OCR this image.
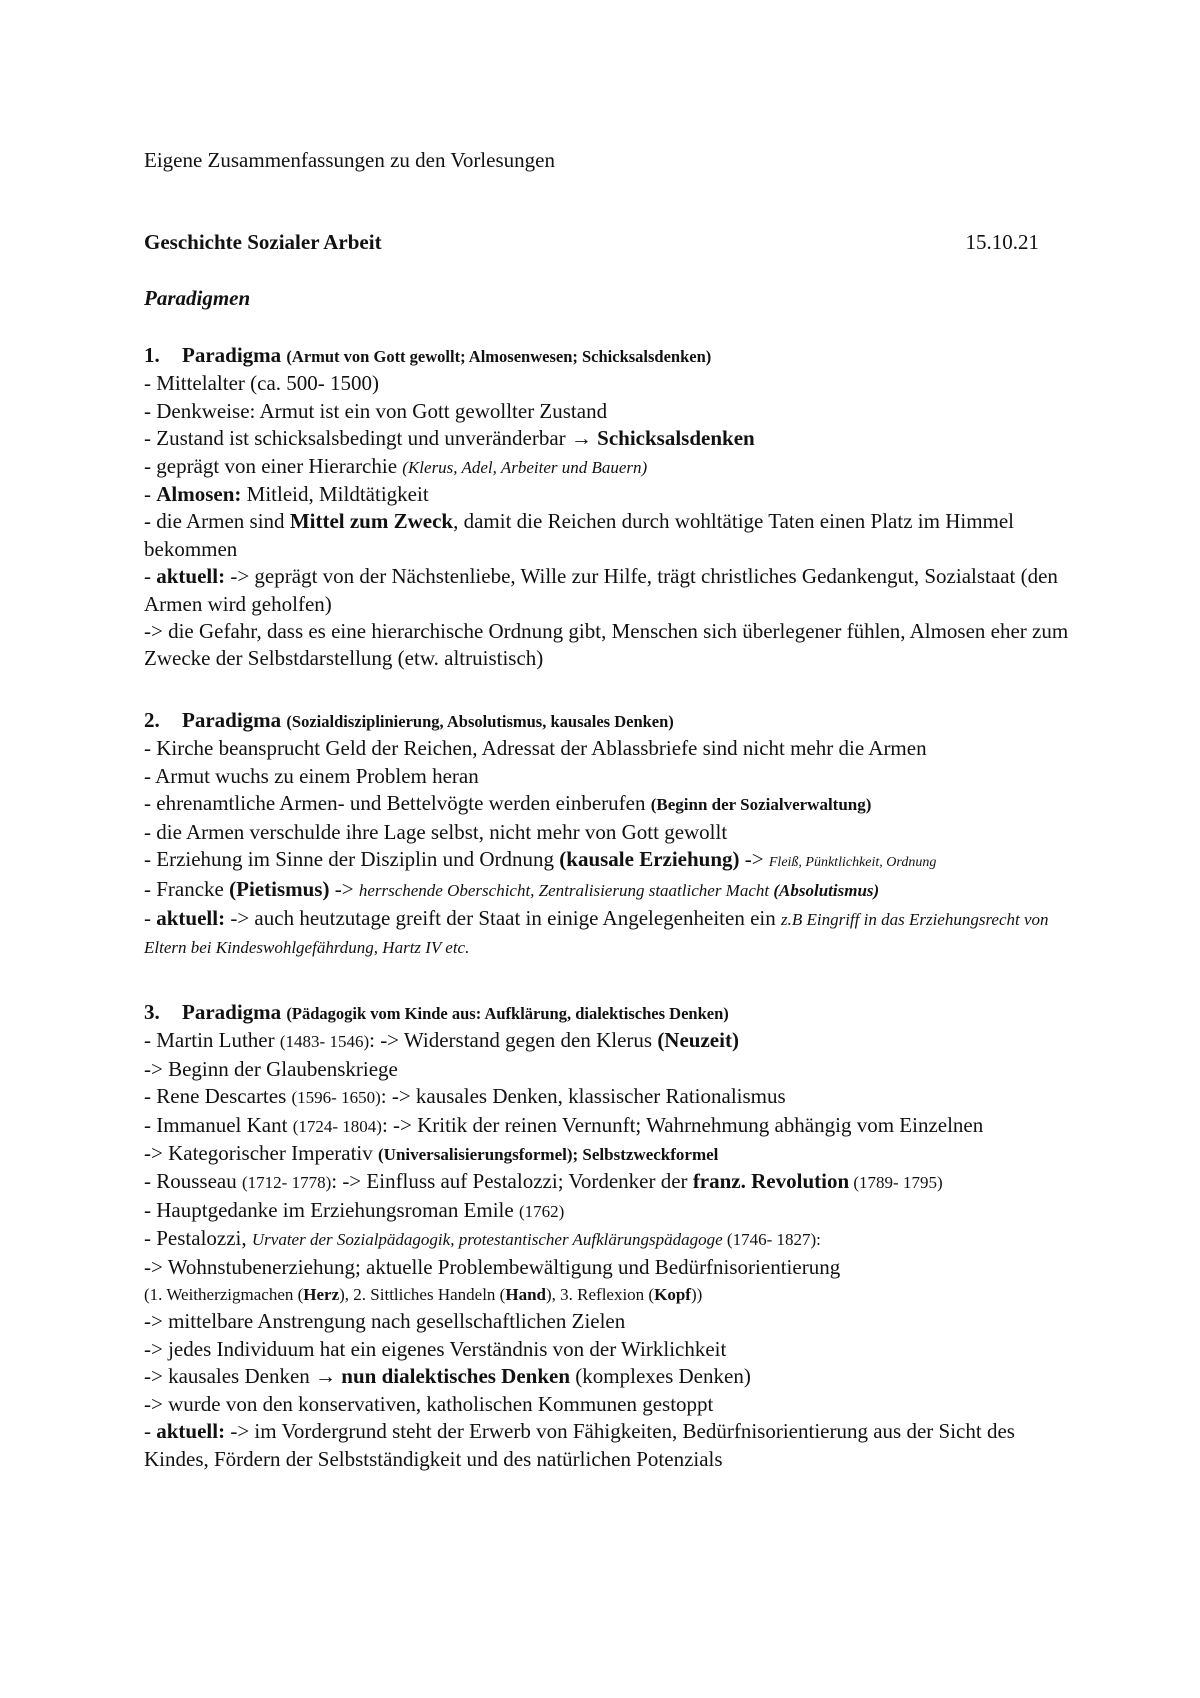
Eigene Zusammenfassungen zu den Vorlesungen
Geschichte Sozialer Arbeit	15.10.21
Paradigmen
1. Paradigma (Armut von Gott gewollt; Almosenwesen; Schicksalsdenken)
- Mittelalter (ca. 500- 1500)
- Denkweise: Armut ist ein von Gott gewollter Zustand
- Zustand ist schicksalsbedingt und unveränderbar → Schicksalsdenken
- geprägt von einer Hierarchie (Klerus, Adel, Arbeiter und Bauern)
- Almosen: Mitleid, Mildtätigkeit
- die Armen sind Mittel zum Zweck, damit die Reichen durch wohltätige Taten einen Platz im Himmel bekommen
- aktuell: -> geprägt von der Nächstenliebe, Wille zur Hilfe, trägt christliches Gedankengut, Sozialstaat (den Armen wird geholfen)
-> die Gefahr, dass es eine hierarchische Ordnung gibt, Menschen sich überlegener fühlen, Almosen eher zum Zwecke der Selbstdarstellung (etw. altruistisch)
2. Paradigma (Sozialdisziplinierung, Absolutismus, kausales Denken)
- Kirche beansprucht Geld der Reichen, Adressat der Ablassbriefe sind nicht mehr die Armen
- Armut wuchs zu einem Problem heran
- ehrenamtliche Armen- und Bettelvögte werden einberufen (Beginn der Sozialverwaltung)
- die Armen verschulde ihre Lage selbst, nicht mehr von Gott gewollt
- Erziehung im Sinne der Disziplin und Ordnung (kausale Erziehung) -> Fleiß, Pünktlichkeit, Ordnung
- Francke (Pietismus) -> herrschende Oberschicht, Zentralisierung staatlicher Macht (Absolutismus)
- aktuell: -> auch heutzutage greift der Staat in einige Angelegenheiten ein z.B Eingriff in das Erziehungsrecht von Eltern bei Kindeswohlgefährdung, Hartz IV etc.
3. Paradigma (Pädagogik vom Kinde aus: Aufklärung, dialektisches Denken)
- Martin Luther (1483- 1546): -> Widerstand gegen den Klerus (Neuzeit)
-> Beginn der Glaubenskriege
- Rene Descartes (1596- 1650): -> kausales Denken, klassischer Rationalismus
- Immanuel Kant (1724- 1804): -> Kritik der reinen Vernunft; Wahrnehmung abhängig vom Einzelnen
-> Kategorischer Imperativ (Universalisierungsformel); Selbstzweckformel
- Rousseau (1712- 1778): -> Einfluss auf Pestalozzi; Vordenker der franz. Revolution (1789- 1795)
- Hauptgedanke im Erziehungsroman Emile (1762)
- Pestalozzi, Urvater der Sozialpädagogik, protestantischer Aufklärungspädagoge (1746- 1827):
-> Wohnstubenerziehung; aktuelle Problembewältigung und Bedürfnisorientierung
(1. Weitherzigmachen (Herz), 2. Sittliches Handeln (Hand), 3. Reflexion (Kopf))
-> mittelbare Anstrengung nach gesellschaftlichen Zielen
-> jedes Individuum hat ein eigenes Verständnis von der Wirklichkeit
-> kausales Denken → nun dialektisches Denken (komplexes Denken)
-> wurde von den konservativen, katholischen Kommunen gestoppt
- aktuell: -> im Vordergrund steht der Erwerb von Fähigkeiten, Bedürfnisorientierung aus der Sicht des Kindes, Fördern der Selbstständigkeit und des natürlichen Potenzials
